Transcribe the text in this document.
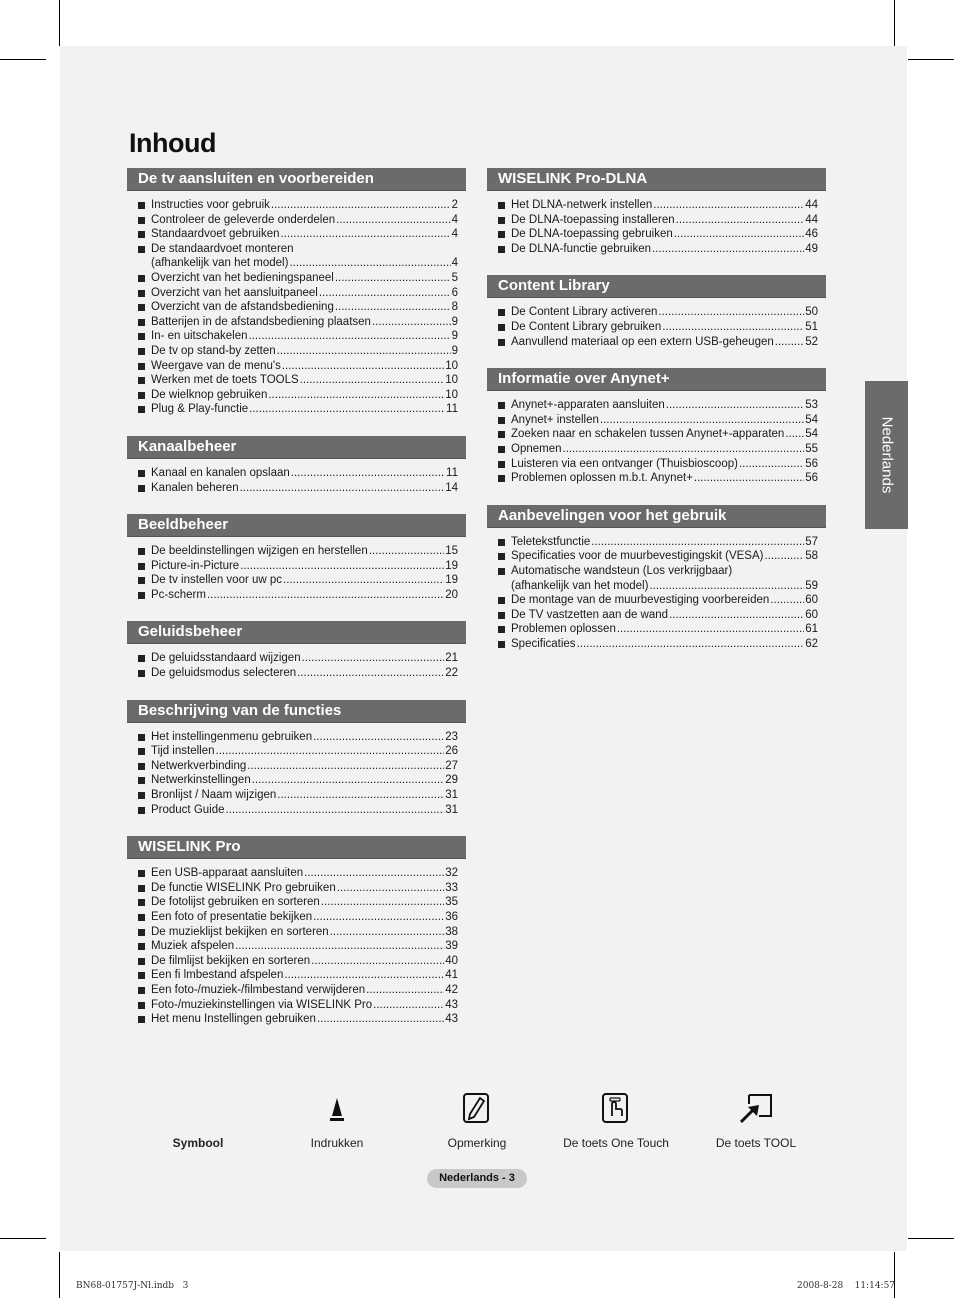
Inhoud
De tv aansluiten en voorbereiden
Instructies voor gebruik .....	2
Controleer de geleverde onderdelen .....	4
Standaardvoet gebruiken .....	4
De standaardvoet monteren
(afhankelijk van het model) .....	4
Overzicht van het bedieningspaneel .....	5
Overzicht van het aansluitpaneel .....	6
Overzicht van de afstandsbediening .....	8
Batterijen in de afstandsbediening plaatsen .....	9
In- en uitschakelen .....	9
De tv op stand-by zetten .....	9
Weergave van de menu's .....	10
Werken met de toets TOOLS .....	10
De wielknop gebruiken .....	10
Plug & Play-functie .....	11
Kanaalbeheer
Kanaal en kanalen opslaan .....	11
Kanalen beheren .....	14
Beeldbeheer
De beeldinstellingen wijzigen en herstellen .....	15
Picture-in-Picture .....	19
De tv instellen voor uw pc .....	19
Pc-scherm .....	20
Geluidsbeheer
De geluidsstandaard wijzigen .....	21
De geluidsmodus selecteren .....	22
Beschrijving van de functies
Het instellingenmenu gebruiken .....	23
Tijd instellen .....	26
Netwerkverbinding .....	27
Netwerkinstellingen .....	29
Bronlijst / Naam wijzigen .....	31
Product Guide .....	31
WISELINK Pro
Een USB-apparaat aansluiten .....	32
De functie WISELINK Pro gebruiken .....	33
De fotolijst gebruiken en sorteren .....	35
Een foto of presentatie bekijken .....	36
De muzieklijst bekijken en sorteren .....	38
Muziek afspelen .....	39
De filmlijst bekijken en sorteren .....	40
Een fi lmbestand afspelen .....	41
Een foto-/muziek-/filmbestand verwijderen .....	42
Foto-/muziekinstellingen via WISELINK Pro .....	43
Het menu Instellingen gebruiken .....	43
WISELINK Pro-DLNA
Het DLNA-netwerk instellen .....	44
De DLNA-toepassing installeren .....	44
De DLNA-toepassing gebruiken .....	46
De DLNA-functie gebruiken .....	49
Content Library
De Content Library activeren .....	50
De Content Library gebruiken .....	51
Aanvullend materiaal op een extern USB-geheugen .....	52
Informatie over Anynet+
Anynet+-apparaten aansluiten .....	53
Anynet+ instellen .....	54
Zoeken naar en schakelen tussen Anynet+-apparaten ..... 54
Opnemen .....	55
Luisteren via een ontvanger (Thuisbioscoop) .....	56
Problemen oplossen m.b.t. Anynet+ .....	56
Aanbevelingen voor het gebruik
Teletekstfunctie .....	57
Specificaties voor de muurbevestigingskit (VESA) .....	58
Automatische wandsteun (Los verkrijgbaar)
(afhankelijk van het model) .....	59
De montage van de muurbevestiging voorbereiden .....	60
De TV vastzetten aan de wand .....	60
Problemen oplossen .....	61
Specificaties .....	62
Nederlands
Symbool	Indrukken	Opmerking	De toets One Touch	De toets TOOL
Nederlands - 3
BN68-01757J-Nl.indb   3	2008-8-28    11:14:57
